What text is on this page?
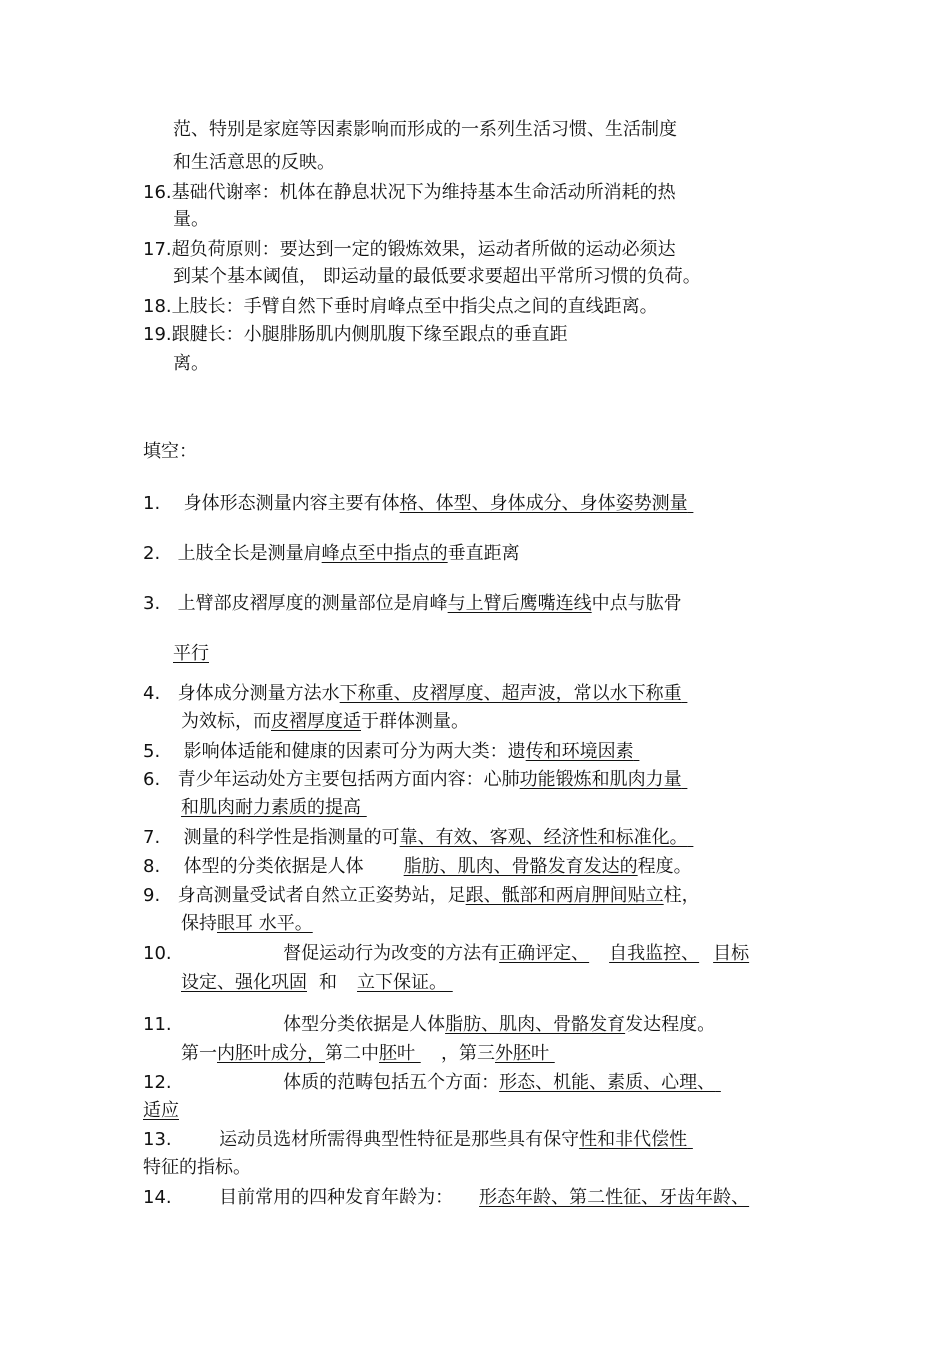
范、特别是家庭等因素影响而形成的一系列生活习惯、生活制度
和生活意思的反映。
16.基础代谢率：机体在静息状况下为维持基本生命活动所消耗的热
量。
17.超负荷原则：要达到一定的锻炼效果，运动者所做的运动必须达
到某个基本阈值， 即运动量的最低要求要超出平常所习惯的负荷。
18.上肢长：手臂自然下垂时肩峰点至中指尖点之间的直线距离。
19.跟腱长：小腿腓肠肌内侧肌腹下缘至跟点的垂直距
离。
填空：
1. 身体形态测量内容主要有体格、体型、身体成分、身体姿势测量
2. 上肢全长是测量肩峰点至中指点的垂直距离
3. 上臂部皮褶厚度的测量部位是肩峰与上臂后鹰嘴连线中点与肱骨
平行
4. 身体成分测量方法水下称重、皮褶厚度、超声波，常以水下称重
为效标，而皮褶厚度适于群体测量。
5. 影响体适能和健康的因素可分为两大类：遗传和环境因素
6. 青少年运动处方主要包括两方面内容：心肺功能锻炼和肌肉力量
和肌肉耐力素质的提高
7. 测量的科学性是指测量的可靠、有效、客观、经济性和标准化。
8. 体型的分类依据是人体 脂肪、肌肉、骨骼发育发达的程度。
9. 身高测量受试者自然立正姿势站，足跟、骶部和两肩胛间贴立柱，
保持眼耳 水平。
10.	督促运动行为改变的方法有正确评定、 自我监控、 目标
设定、强化巩固 和 立下保证。
11.	体型分类依据是人体脂肪、肌肉、骨骼发育发达程度。
第一内胚叶成分，第二中胚叶 ，第三外胚叶
12.	体质的范畴包括五个方面：形态、机能、素质、心理、
适应
13.	运动员选材所需得典型性特征是那些具有保守性和非代偿性
特征的指标。
14.	目前常用的四种发育年龄为： 形态年龄、第二性征、牙齿年龄、
